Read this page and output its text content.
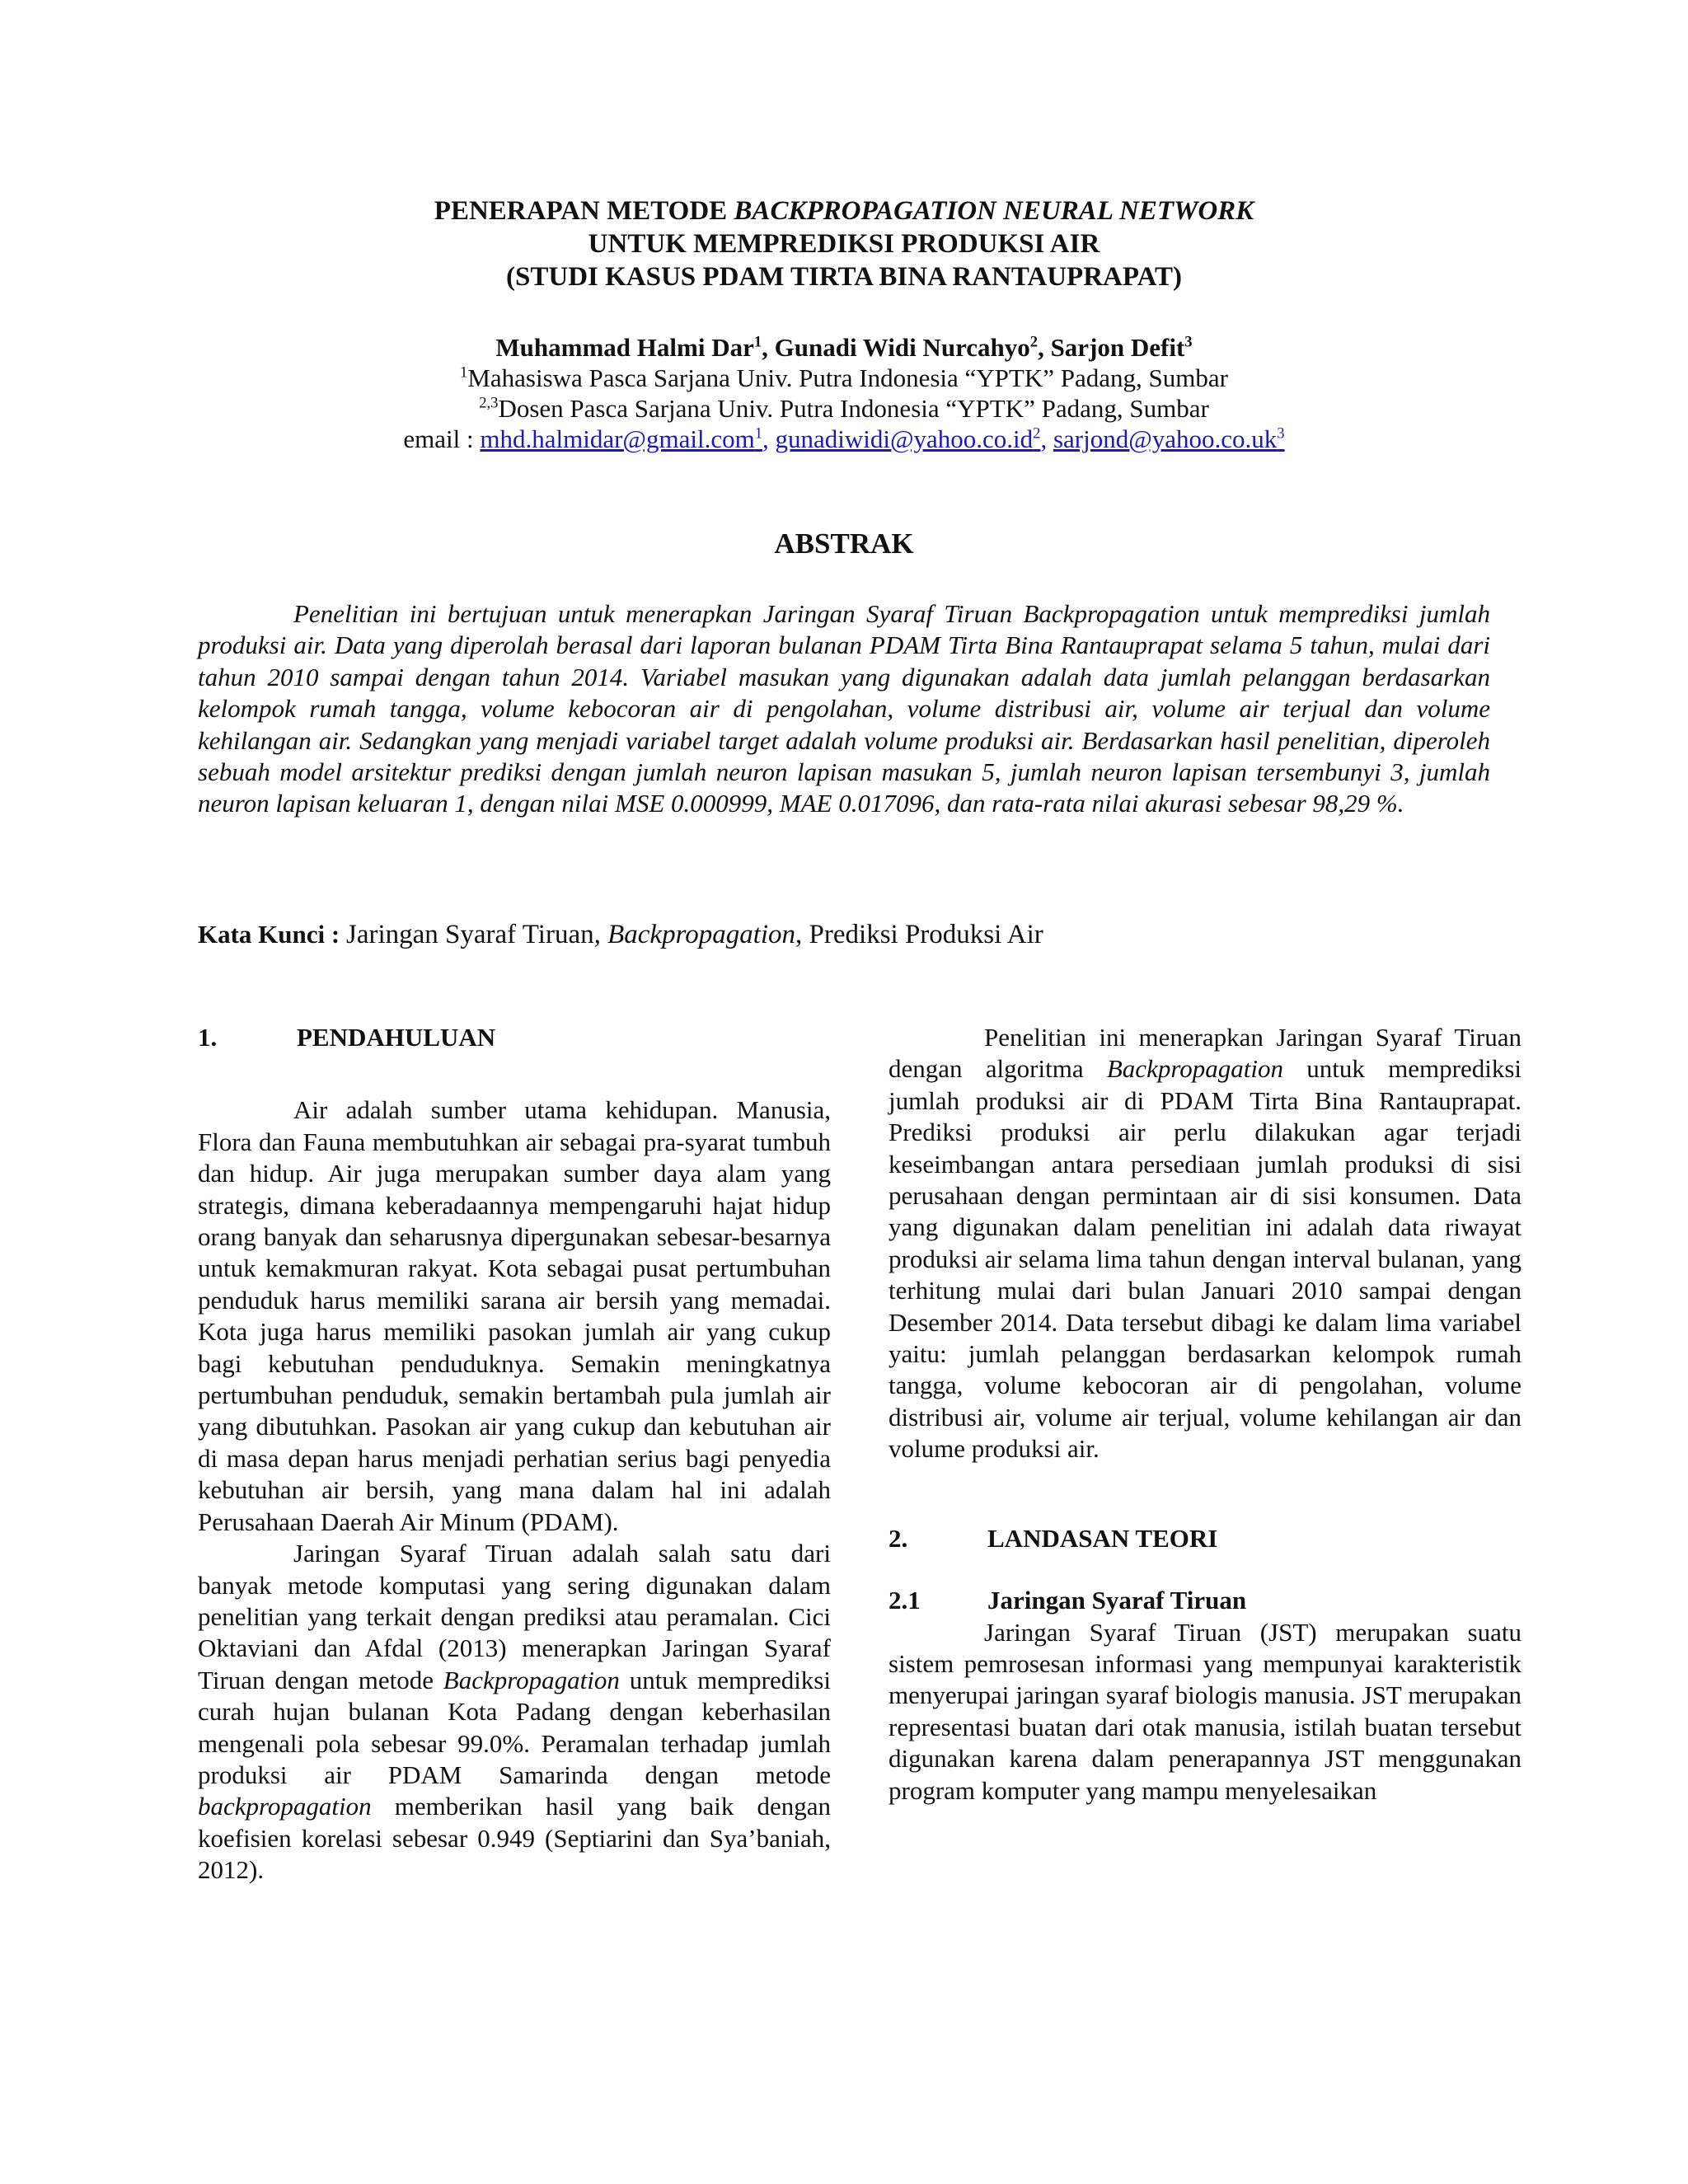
PENERAPAN METODE BACKPROPAGATION NEURAL NETWORK
UNTUK MEMPREDIKSI PRODUKSI AIR
(STUDI KASUS PDAM TIRTA BINA RANTAUPRAPAT)
Muhammad Halmi Dar$^1$, Gunadi Widi Nurcahyo$^2$, Sarjon Defit$^3$
$^1$Mahasiswa Pasca Sarjana Univ. Putra Indonesia “YPTK” Padang, Sumbar
$^{2,3}$Dosen Pasca Sarjana Univ. Putra Indonesia “YPTK” Padang, Sumbar
email : mhd.halmidar@gmail.com$^1$, $gunadiwidi@yahoo.co.id^2$, $sarjond@yahoo.co.uk^3$
ABSTRAK

Penelitian ini bertujuan untuk menerapkan Jaringan Syaraf Tiruan Backpropagation untuk memprediksi jumlah produksi air. Data yang diperolah berasal dari laporan bulanan PDAM Tirta Bina Rantauprapat selama 5 tahun, mulai dari tahun 2010 sampai dengan tahun 2014. Variabel masukan yang digunakan adalah data jumlah pelanggan berdasarkan kelompok rumah tangga, volume kebocoran air di pengolahan, volume distribusi air, volume air terjual dan volume kehilangan air. Sedangkan yang menjadi variabel target adalah volume produksi air. Berdasarkan hasil penelitian, diperoleh sebuah model arsitektur prediksi dengan jumlah neuron lapisan masukan 5, jumlah neuron lapisan tersembunyi 3, jumlah neuron lapisan keluaran 1, dengan nilai MSE 0.000999, MAE 0.017096, dan rata-rata nilai akurasi sebesar 98,29 %.

Kata Kunci : Jaringan Syaraf Tiruan, Backpropagation, Prediksi Produksi Air
1.	PENDAHULUAN

Air adalah sumber utama kehidupan. Manusia, Flora dan Fauna membutuhkan air sebagai pra-syarat tumbuh dan hidup. Air juga merupakan sumber daya alam yang strategis, dimana keberadaannya mempengaruhi hajat hidup orang banyak dan seharusnya dipergunakan sebesar-besarnya untuk kemakmuran rakyat. Kota sebagai pusat pertumbuhan penduduk harus memiliki sarana air bersih yang memadai. Kota juga harus memiliki pasokan jumlah air yang cukup bagi kebutuhan penduduknya. Semakin meningkatnya pertumbuhan penduduk, semakin bertambah pula jumlah air yang dibutuhkan. Pasokan air yang cukup dan kebutuhan air di masa depan harus menjadi perhatian serius bagi penyedia kebutuhan air bersih, yang mana dalam hal ini adalah Perusahaan Daerah Air Minum (PDAM).

Jaringan Syaraf Tiruan adalah salah satu dari banyak metode komputasi yang sering digunakan dalam penelitian yang terkait dengan prediksi atau peramalan. Cici Oktaviani dan Afdal (2013) menerapkan Jaringan Syaraf Tiruan dengan metode Backpropagation untuk memprediksi curah hujan bulanan Kota Padang dengan keberhasilan mengenali pola sebesar 99.0%. Peramalan terhadap jumlah produksi air PDAM Samarinda dengan metode backpropagation memberikan hasil yang baik dengan koefisien korelasi sebesar 0.949 (Septiarini dan Sya’baniah, 2012).

Penelitian ini menerapkan Jaringan Syaraf Tiruan dengan algoritma Backpropagation untuk memprediksi jumlah produksi air di PDAM Tirta Bina Rantauprapat. Prediksi produksi air perlu dilakukan agar terjadi keseimbangan antara persediaan jumlah produksi di sisi perusahaan dengan permintaan air di sisi konsumen. Data yang digunakan dalam penelitian ini adalah data riwayat produksi air selama lima tahun dengan interval bulanan, yang terhitung mulai dari bulan Januari 2010 sampai dengan Desember 2014. Data tersebut dibagi ke dalam lima variabel yaitu: jumlah pelanggan berdasarkan kelompok rumah tangga, volume kebocoran air di pengolahan, volume distribusi air, volume air terjual, volume kehilangan air dan volume produksi air.

2.	LANDASAN TEORI
2.1	Jaringan Syaraf Tiruan

Jaringan Syaraf Tiruan (JST) merupakan suatu sistem pemrosesan informasi yang mempunyai karakteristik menyerupai jaringan syaraf biologis manusia. JST merupakan representasi buatan dari otak manusia, istilah buatan tersebut digunakan karena dalam penerapannya JST menggunakan program komputer yang mampu menyelesaikan
